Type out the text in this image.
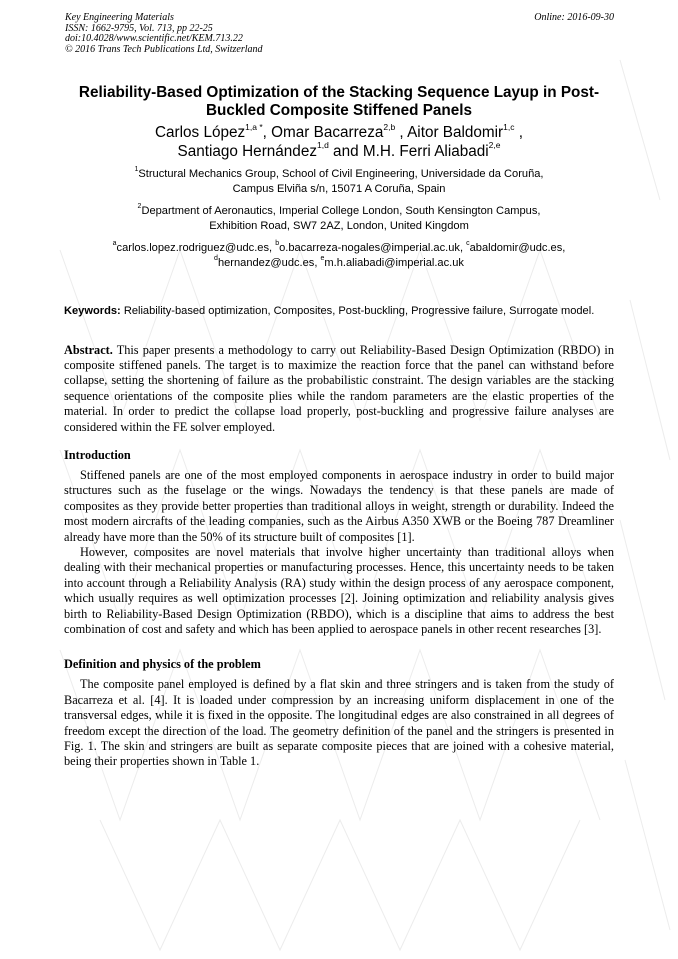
Key Engineering Materials
ISSN: 1662-9795, Vol. 713, pp 22-25
doi:10.4028/www.scientific.net/KEM.713.22
© 2016 Trans Tech Publications Ltd, Switzerland
Online: 2016-09-30
Reliability-Based Optimization of the Stacking Sequence Layup in Post-Buckled Composite Stiffened Panels
Carlos López$^{1,a *}$, Omar Bacarreza$^{2,b}$ , Aitor Baldomir$^{1,c}$ ,
Santiago Hernández$^{1,d}$ and M.H. Ferri Aliabadi$^{2,e}$
$^1$Structural Mechanics Group, School of Civil Engineering, Universidade da Coruña,
Campus Elviña s/n, 15071 A Coruña, Spain
$^2$Department of Aeronautics, Imperial College London, South Kensington Campus,
Exhibition Road, SW7 2AZ, London, United Kingdom
$^a$carlos.lopez.rodriguez@udc.es, $^b$o.bacarreza-nogales@imperial.ac.uk, $^c$abaldomir@udc.es,
$^d$hernandez@udc.es, $^e$m.h.aliabadi@imperial.ac.uk

Keywords: Reliability-based optimization, Composites, Post-buckling, Progressive failure, Surrogate model.

Abstract. This paper presents a methodology to carry out Reliability-Based Design Optimization (RBDO) in composite stiffened panels. The target is to maximize the reaction force that the panel can withstand before collapse, setting the shortening of failure as the probabilistic constraint. The design variables are the stacking sequence orientations of the composite plies while the random parameters are the elastic properties of the material. In order to predict the collapse load properly, post-buckling and progressive failure analyses are considered within the FE solver employed.

Introduction

Stiffened panels are one of the most employed components in aerospace industry in order to build major structures such as the fuselage or the wings. Nowadays the tendency is that these panels are made of composites as they provide better properties than traditional alloys in weight, strength or durability. Indeed the most modern aircrafts of the leading companies, such as the Airbus A350 XWB or the Boeing 787 Dreamliner already have more than the 50% of its structure built of composites [1].

However, composites are novel materials that involve higher uncertainty than traditional alloys when dealing with their mechanical properties or manufacturing processes. Hence, this uncertainty needs to be taken into account through a Reliability Analysis (RA) study within the design process of any aerospace component, which usually requires as well optimization processes [2]. Joining optimization and reliability analysis gives birth to Reliability-Based Design Optimization (RBDO), which is a discipline that aims to address the best combination of cost and safety and which has been applied to aerospace panels in other recent researches [3].

Definition and physics of the problem

The composite panel employed is defined by a flat skin and three stringers and is taken from the study of Bacarreza et al. [4]. It is loaded under compression by an increasing uniform displacement in one of the transversal edges, while it is fixed in the opposite. The longitudinal edges are also constrained in all degrees of freedom except the direction of the load. The geometry definition of the panel and the stringers is presented in Fig. 1. The skin and stringers are built as separate composite pieces that are joined with a cohesive material, being their properties shown in Table 1.
